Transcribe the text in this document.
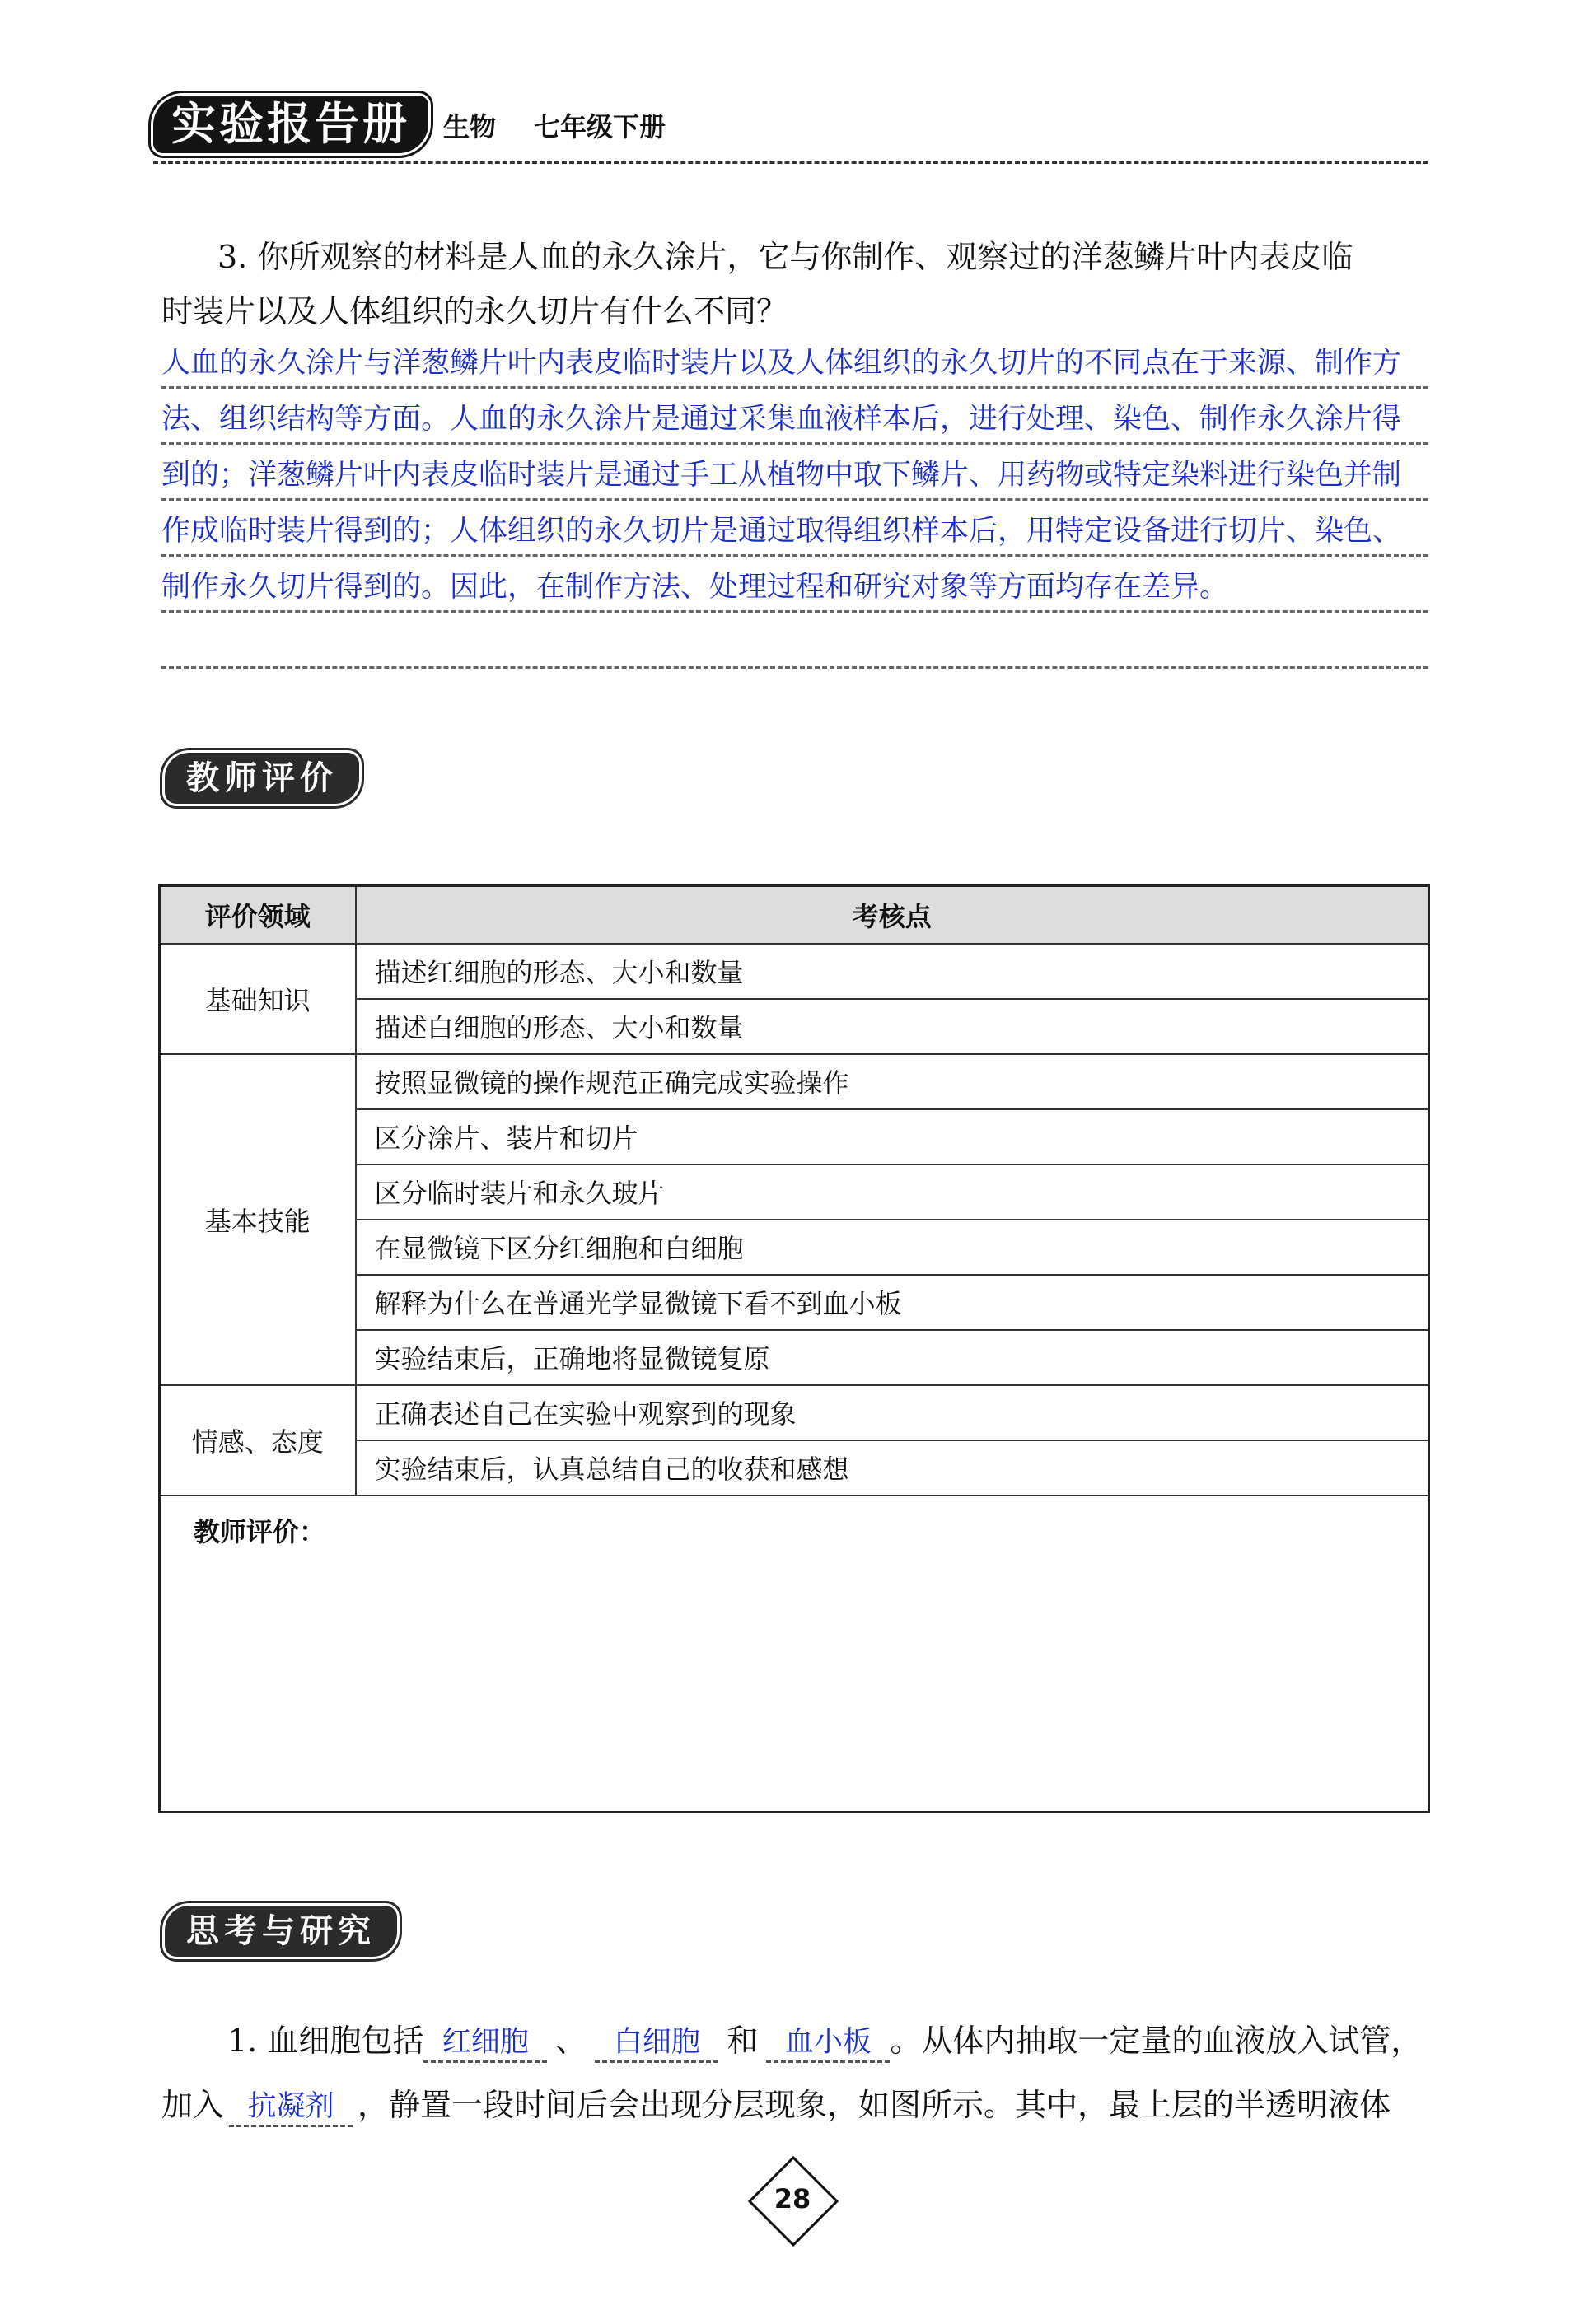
实验报告册	生物 七年级下册
3. 你所观察的材料是人血的永久涂片，它与你制作、观察过的洋葱鳞片叶内表皮临
时装片以及人体组织的永久切片有什么不同？
人血的永久涂片与洋葱鳞片叶内表皮临时装片以及人体组织的永久切片的不同点在于来源、制作方
法、组织结构等方面。人血的永久涂片是通过采集血液样本后，进行处理、染色、制作永久涂片得
到的；洋葱鳞片叶内表皮临时装片是通过手工从植物中取下鳞片、用药物或特定染料进行染色并制
作成临时装片得到的；人体组织的永久切片是通过取得组织样本后，用特定设备进行切片、染色、
制作永久切片得到的。因此，在制作方法、处理过程和研究对象等方面均存在差异。
教师评价
评价领域	考核点
基础知识	描述红细胞的形态、大小和数量
	描述白细胞的形态、大小和数量
基本技能	按照显微镜的操作规范正确完成实验操作
	区分涂片、装片和切片
	区分临时装片和永久玻片
	在显微镜下区分红细胞和白细胞
	解释为什么在普通光学显微镜下看不到血小板
	实验结束后，正确地将显微镜复原
情感、态度	正确表述自己在实验中观察到的现象
	实验结束后，认真总结自己的收获和感想
教师评价：	
思考与研究
1. 血细胞包括 红细胞 、 白细胞 和 血小板 。从体内抽取一定量的血液放入试管，
加入 抗凝剂 ，静置一段时间后会出现分层现象，如图所示。其中，最上层的半透明液体
28
